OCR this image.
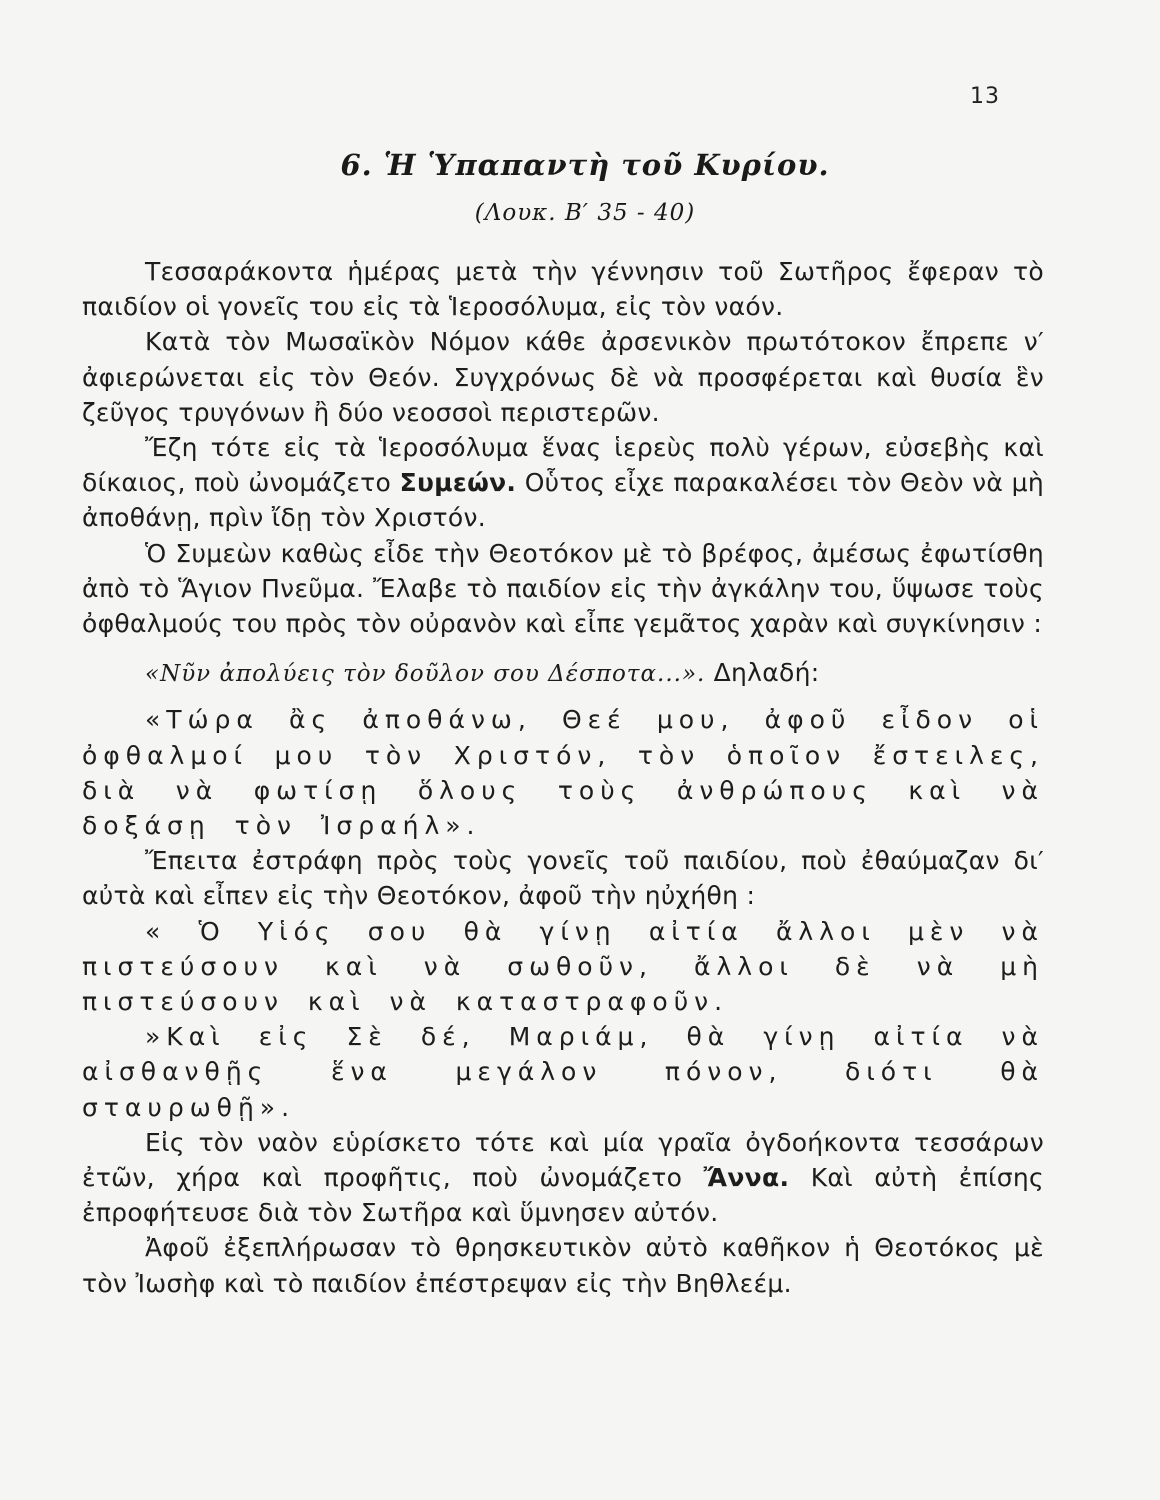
13
6. Ἡ Ὑπαπαντὴ τοῦ Κυρίου.
(Λουκ. Β′ 35 - 40)

Τεσσαράκοντα ἡμέρας μετὰ τὴν γέννησιν τοῦ Σωτῆρος ἔφεραν τὸ παιδίον οἱ γονεῖς του εἰς τὰ Ἱεροσόλυμα, εἰς τὸν ναόν.

Κατὰ τὸν Μωσαϊκὸν Νόμον κάθε ἀρσενικὸν πρωτότοκον ἔπρεπε ν′ ἀφιερώνεται εἰς τὸν Θεόν. Συγχρόνως δὲ νὰ προσφέρεται καὶ θυσία ἓν ζεῦγος τρυγόνων ἢ δύο νεοσσοὶ περιστερῶν.

Ἔζη τότε εἰς τὰ Ἱεροσόλυμα ἕνας ἱερεὺς πολὺ γέρων, εὐσεβὴς καὶ δίκαιος, ποὺ ὠνομάζετο Συμεών. Οὗτος εἶχε παρακαλέσει τὸν Θεὸν νὰ μὴ ἀποθάνῃ, πρὶν ἴδῃ τὸν Χριστόν.

Ὁ Συμεὼν καθὼς εἶδε τὴν Θεοτόκον μὲ τὸ βρέφος, ἀμέσως ἐφωτίσθη ἀπὸ τὸ Ἅγιον Πνεῦμα. Ἔλαβε τὸ παιδίον εἰς τὴν ἀγκάλην του, ὕψωσε τοὺς ὀφθαλμούς του πρὸς τὸν οὐρανὸν καὶ εἶπε γεμᾶτος χαρὰν καὶ συγκίνησιν :

«Νῦν ἀπολύεις τὸν δοῦλον σου Δέσποτα...». Δηλαδή:

«Τώρα ἂς ἀποθάνω, Θεέ μου, ἀφοῦ εἶδον οἱ ὀφθαλμοί μου τὸν Χριστόν, τὸν ὁποῖον ἔστειλες, διὰ νὰ φωτίσῃ ὅλους τοὺς ἀνθρώπους καὶ νὰ δοξάσῃ τὸν Ἰσραήλ».

Ἔπειτα ἐστράφη πρὸς τοὺς γονεῖς τοῦ παιδίου, ποὺ ἐθαύμαζαν δι′ αὐτὰ καὶ εἶπεν εἰς τὴν Θεοτόκον, ἀφοῦ τὴν ηὐχήθη :

« Ὁ Υἱός σου θὰ γίνῃ αἰτία ἄλλοι μὲν νὰ πιστεύσουν καὶ νὰ σωθοῦν, ἄλλοι δὲ νὰ μὴ πιστεύσουν καὶ νὰ καταστραφοῦν.

»Καὶ εἰς Σὲ δέ, Μαριάμ, θὰ γίνῃ αἰτία νὰ αἰσθανθῇς ἕνα μεγάλον πόνον, διότι θὰ σταυρωθῇ».

Εἰς τὸν ναὸν εὑρίσκετο τότε καὶ μία γραῖα ὀγδοήκοντα τεσσάρων ἐτῶν, χήρα καὶ προφῆτις, ποὺ ὠνομάζετο Ἄννα. Καὶ αὐτὴ ἐπίσης ἐπροφήτευσε διὰ τὸν Σωτῆρα καὶ ὕμνησεν αὐτόν.

Ἀφοῦ ἐξεπλήρωσαν τὸ θρησκευτικὸν αὐτὸ καθῆκον ἡ Θεοτόκος μὲ τὸν Ἰωσὴφ καὶ τὸ παιδίον ἐπέστρεψαν εἰς τὴν Βηθλεέμ.
